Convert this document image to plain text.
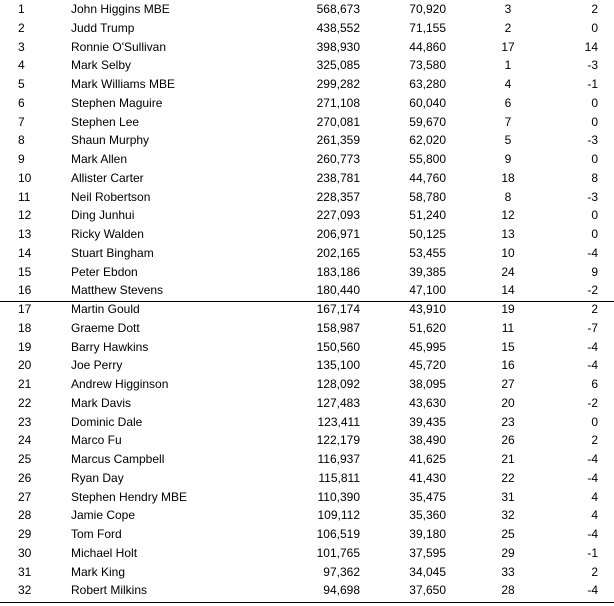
1	John Higgins MBE	568,673	70,920	3	2
2	Judd Trump	438,552	71,155	2	0
3	Ronnie O'Sullivan	398,930	44,860	17	14
4	Mark Selby	325,085	73,580	1	-3
5	Mark Williams MBE	299,282	63,280	4	-1
6	Stephen Maguire	271,108	60,040	6	0
7	Stephen Lee	270,081	59,670	7	0
8	Shaun Murphy	261,359	62,020	5	-3
9	Mark Allen	260,773	55,800	9	0
10	Allister Carter	238,781	44,760	18	8
11	Neil Robertson	228,357	58,780	8	-3
12	Ding Junhui	227,093	51,240	12	0
13	Ricky Walden	206,971	50,125	13	0
14	Stuart Bingham	202,165	53,455	10	-4
15	Peter Ebdon	183,186	39,385	24	9
16	Matthew Stevens	180,440	47,100	14	-2
17	Martin Gould	167,174	43,910	19	2
18	Graeme Dott	158,987	51,620	11	-7
19	Barry Hawkins	150,560	45,995	15	-4
20	Joe Perry	135,100	45,720	16	-4
21	Andrew Higginson	128,092	38,095	27	6
22	Mark Davis	127,483	43,630	20	-2
23	Dominic Dale	123,411	39,435	23	0
24	Marco Fu	122,179	38,490	26	2
25	Marcus Campbell	116,937	41,625	21	-4
26	Ryan Day	115,811	41,430	22	-4
27	Stephen Hendry MBE	110,390	35,475	31	4
28	Jamie Cope	109,112	35,360	32	4
29	Tom Ford	106,519	39,180	25	-4
30	Michael Holt	101,765	37,595	29	-1
31	Mark King	97,362	34,045	33	2
32	Robert Milkins	94,698	37,650	28	-4
